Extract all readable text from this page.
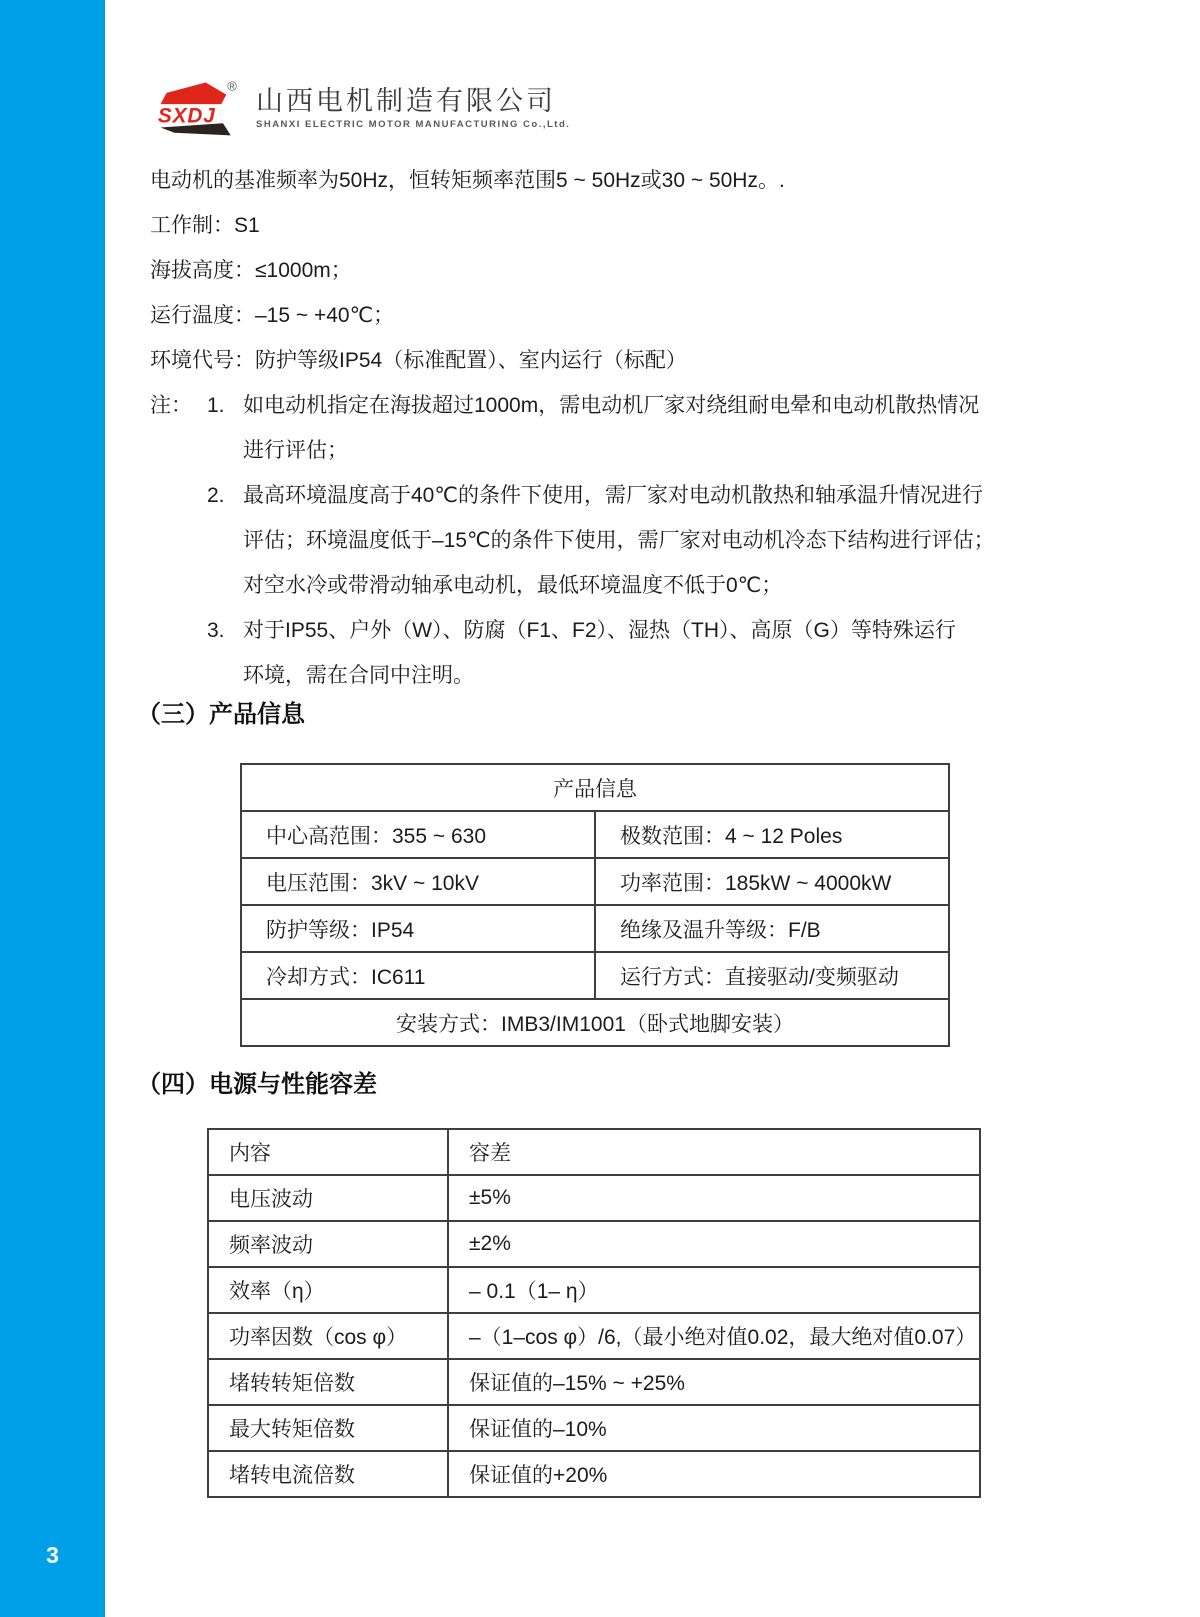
3
SXDJ
®
山西电机制造有限公司
SHANXI ELECTRIC MOTOR MANUFACTURING Co.,Ltd.

电动机的基准频率为50Hz，恒转矩频率范围5 ~ 50Hz或30 ~ 50Hz。.

工作制：S1

海拔高度：≤1000m；

运行温度：–15 ~ +40℃；

环境代号：防护等级IP54（标准配置）、室内运行（标配）

注： 1. 如电动机指定在海拔超过1000m，需电动机厂家对绕组耐电晕和电动机散热情况
进行评估；
2. 最高环境温度高于40℃的条件下使用，需厂家对电动机散热和轴承温升情况进行
评估；环境温度低于–15℃的条件下使用，需厂家对电动机冷态下结构进行评估；
对空水冷或带滑动轴承电动机，最低环境温度不低于0℃；
3. 对于IP55、户外（W）、防腐（F1、F2）、湿热（TH）、高原（G）等特殊运行
环境，需在合同中注明。
（三）产品信息
产品信息	
中心高范围：355 ~ 630	极数范围：4 ~ 12 Poles
电压范围：3kV ~ 10kV	功率范围：185kW ~ 4000kW
防护等级：IP54	绝缘及温升等级：F/B
冷却方式：IC611	运行方式：直接驱动/变频驱动
安装方式：IMB3/IM1001（卧式地脚安装）	
（四）电源与性能容差
内容	容差
电压波动	±5%
频率波动	±2%
效率（η）	– 0.1（1– η）
功率因数（cos φ）	–（1–cos φ）/6,（最小绝对值0.02，最大绝对值0.07）
堵转转矩倍数	保证值的–15% ~ +25%
最大转矩倍数	保证值的–10%
堵转电流倍数	保证值的+20%
